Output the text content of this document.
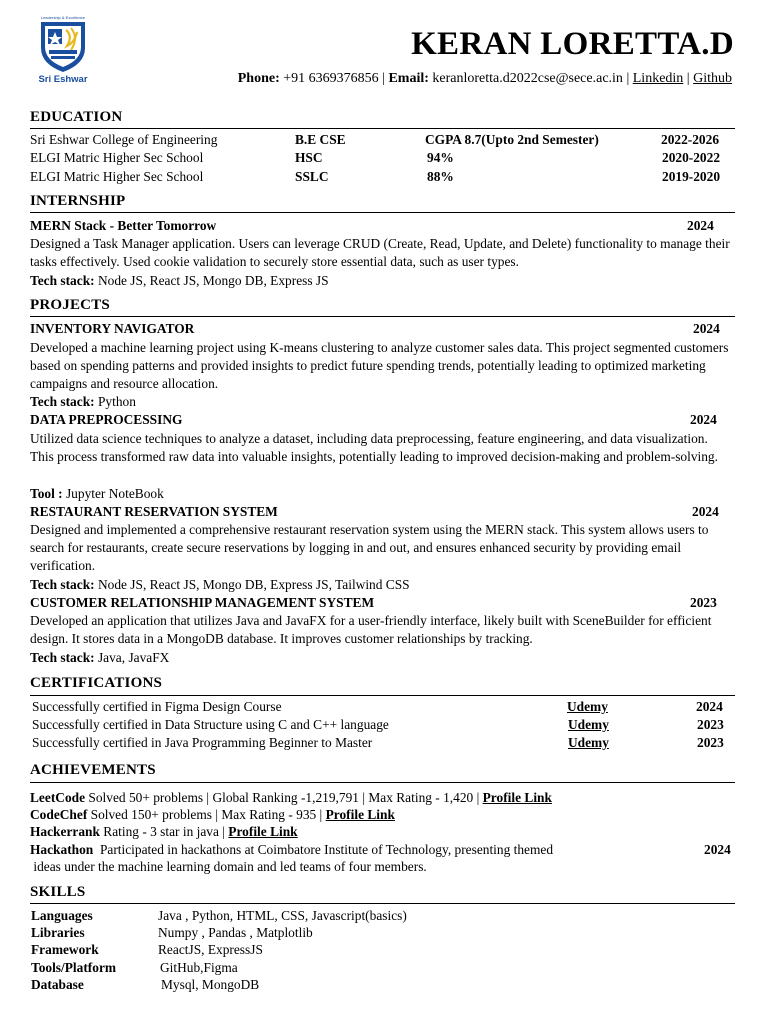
Leadership & Excellence
Sri Eshwar
KERAN LORETTA.D
Phone: +91 6369376856 | Email: keranloretta.d2022cse@sece.ac.in | Linkedin | Github
EDUCATION
Sri Eshwar College of Engineering	B.E CSE	CGPA 8.7(Upto 2nd Semester)	2022-2026
ELGI Matric Higher Sec School	HSC	94%	2020-2022
ELGI Matric Higher Sec School	SSLC	88%	2019-2020
INTERNSHIP
MERN Stack - Better Tomorrow	2024
Designed a Task Manager application. Users can leverage CRUD (Create, Read, Update, and Delete) functionality to manage their tasks effectively. Used cookie validation to securely store essential data, such as user types.
Tech stack: Node JS, React JS, Mongo DB, Express JS
PROJECTS
INVENTORY NAVIGATOR	2024
Developed a machine learning project using K-means clustering to analyze customer sales data. This project segmented customers based on spending patterns and provided insights to predict future spending trends, potentially leading to optimized marketing campaigns and resource allocation.
Tech stack: Python
DATA PREPROCESSING	2024
Utilized data science techniques to analyze a dataset, including data preprocessing, feature engineering, and data visualization. This process transformed raw data into valuable insights, potentially leading to improved decision-making and problem-solving.
Tool : Jupyter NoteBook
RESTAURANT RESERVATION SYSTEM	2024
Designed and implemented a comprehensive restaurant reservation system using the MERN stack. This system allows users to search for restaurants, create secure reservations by logging in and out, and ensures enhanced security by providing email verification.
Tech stack: Node JS, React JS, Mongo DB, Express JS, Tailwind CSS
CUSTOMER RELATIONSHIP MANAGEMENT SYSTEM	2023
Developed an application that utilizes Java and JavaFX for a user-friendly interface, likely built with SceneBuilder for efficient design. It stores data in a MongoDB database. It improves customer relationships by tracking.
Tech stack: Java, JavaFX
CERTIFICATIONS
Successfully certified in Figma Design Course	Udemy	2024
Successfully certified in Data Structure using C and C++ language	Udemy	2023
Successfully certified in Java Programming Beginner to Master	Udemy	2023
ACHIEVEMENTS
LeetCode Solved 50+ problems | Global Ranking -1,219,791 | Max Rating - 1,420 | Profile Link
CodeChef Solved 150+ problems | Max Rating - 935 | Profile Link
Hackerrank Rating - 3 star in java | Profile Link
Hackathon  Participated in hackathons at Coimbatore Institute of Technology, presenting themed	2024
ideas under the machine learning domain and led teams of four members.
SKILLS
Languages	Java , Python, HTML, CSS, Javascript(basics)
Libraries	Numpy , Pandas , Matplotlib
Framework	ReactJS, ExpressJS
Tools/Platform	GitHub,Figma
Database	Mysql, MongoDB
